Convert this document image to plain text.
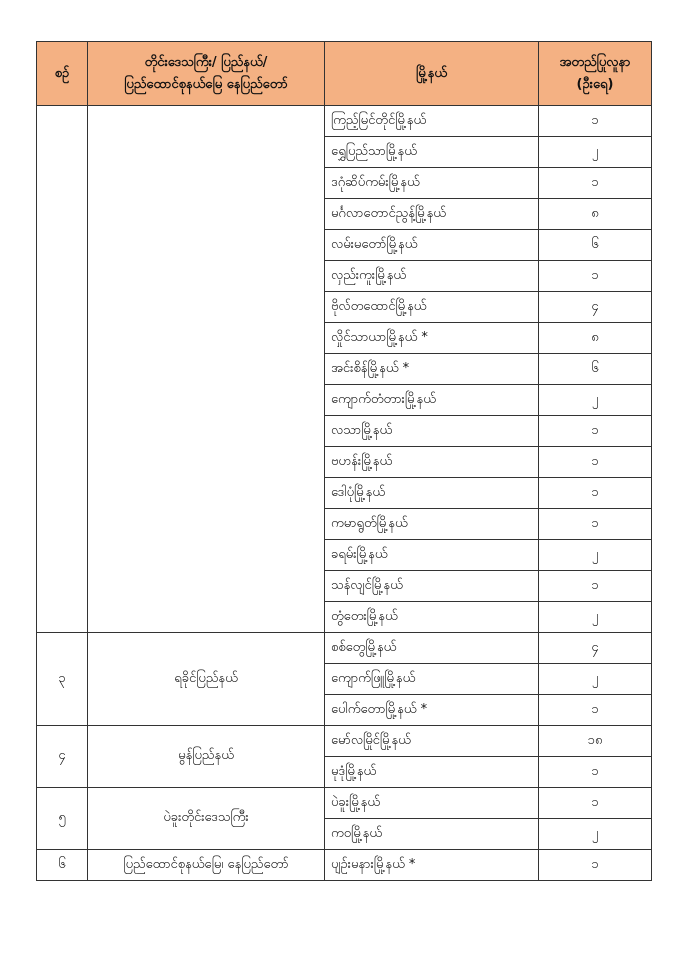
စဉ်	တိုင်းဒေသကြီး/ ပြည်နယ်/
ပြည်ထောင်စုနယ်မြေ နေပြည်တော်	မြို့နယ်	အတည်ပြုလူနာ
(ဦးရေ)

		ကြည့်မြင်တိုင်မြို့နယ်	၁
		ရွှေပြည်သာမြို့နယ်	၂
		ဒဂုံဆိပ်ကမ်းမြို့နယ်	၁
		မင်္ဂလာတောင်ညွန့်မြို့နယ်	၈
		လမ်းမတော်မြို့နယ်	၆
		လှည်းကူးမြို့နယ်	၁
		ဗိုလ်တထောင်မြို့နယ်	၄
		လှိုင်သာယာမြို့နယ် *	၈
		အင်းစိန်မြို့နယ် *	၆
		ကျောက်တံတားမြို့နယ်	၂
		လသာမြို့နယ်	၁
		ဗဟန်းမြို့နယ်	၁
		ဒေါပုံမြို့နယ်	၁
		ကမာရွတ်မြို့နယ်	၁
		ခရမ်းမြို့နယ်	၂
		သန်လျင်မြို့နယ်	၁
		တွံတေးမြို့နယ်	၂
၃	ရခိုင်ပြည်နယ်	စစ်တွေမြို့နယ်	၄
		ကျောက်ဖြူမြို့နယ်	၂
		ပေါက်တောမြို့နယ် *	၁
၄	မွန်ပြည်နယ်	မော်လမြိုင်မြို့နယ်	၁၈
		မုဒုံမြို့နယ်	၁
၅	ပဲခူးတိုင်းဒေသကြီး	ပဲခူးမြို့နယ်	၁
		ကဝမြို့နယ်	၂
၆	ပြည်ထောင်စုနယ်မြေ၊ နေပြည်တော်	ပျဉ်းမနားမြို့နယ် *	၁
